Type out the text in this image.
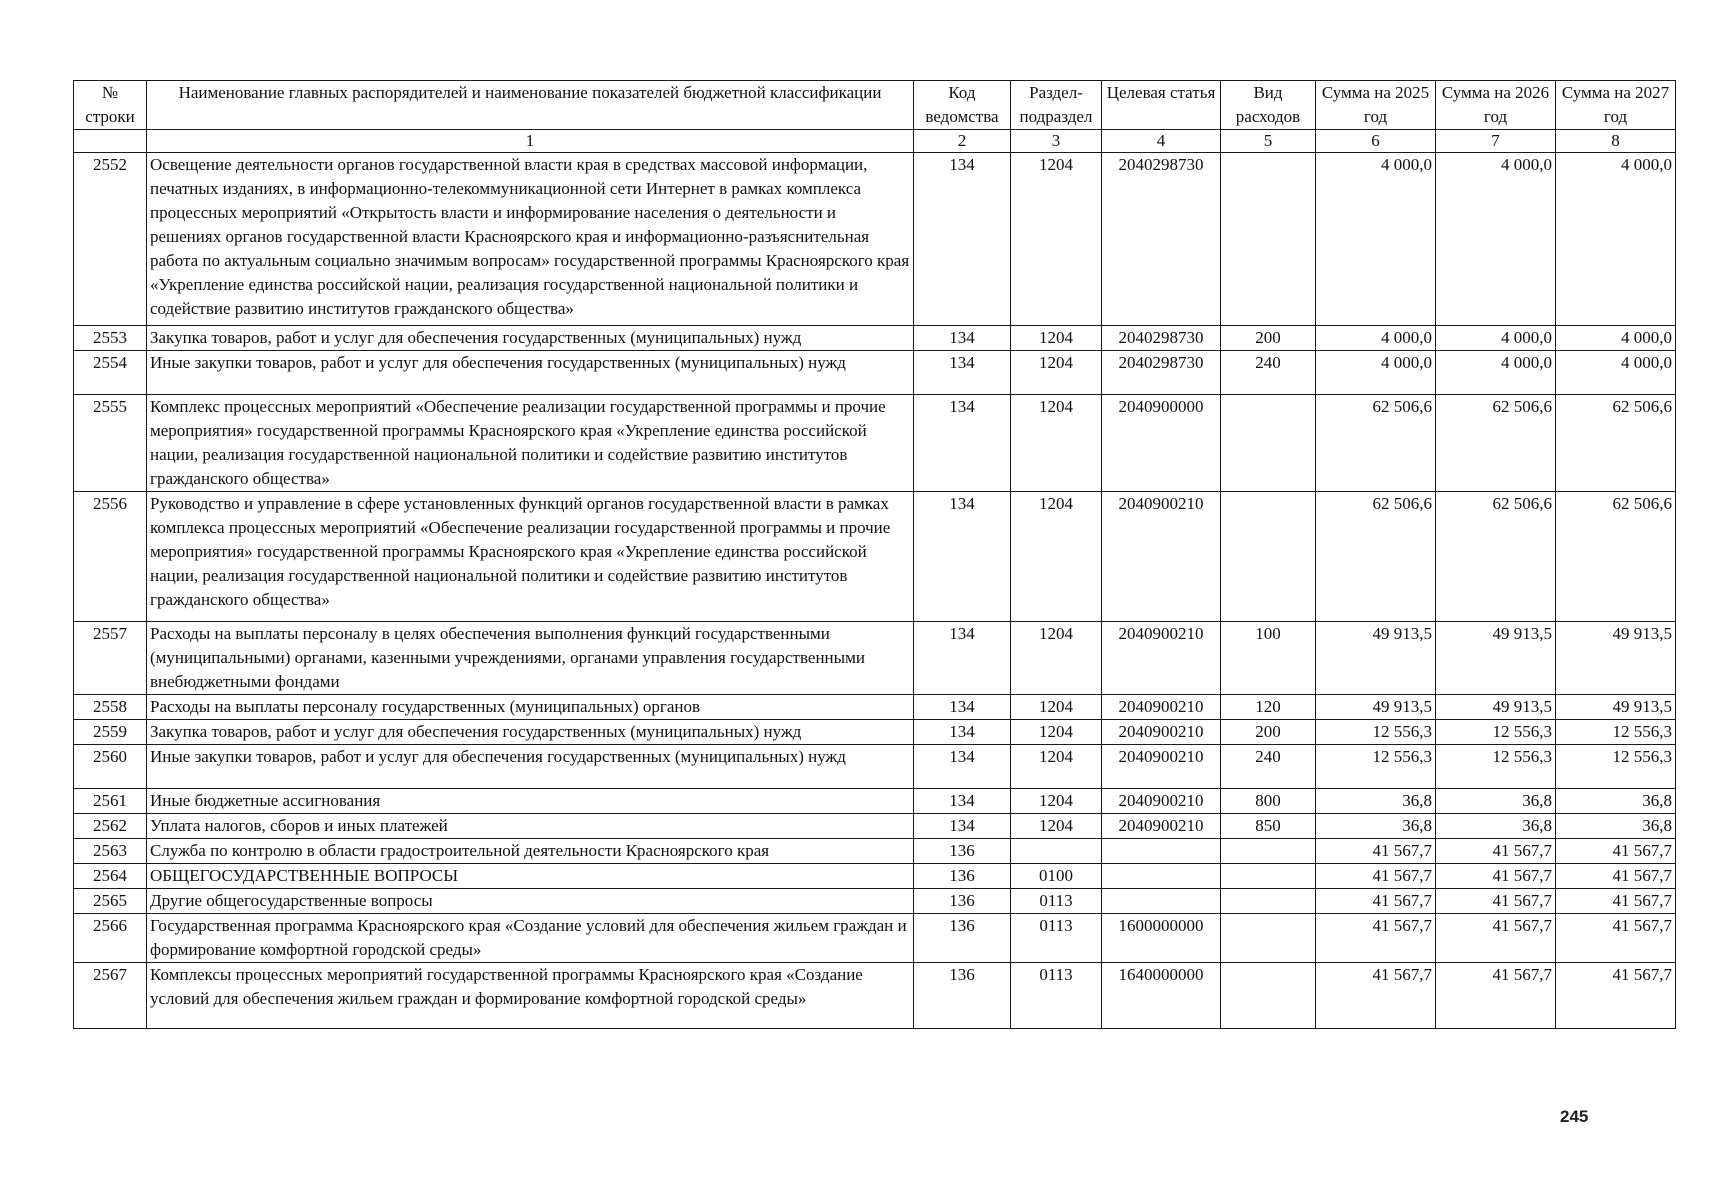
№ строки	Наименование главных распорядителей и наименование показателей бюджетной классификации	Код ведомства	Раздел-подраздел	Целевая статья	Вид расходов	Сумма на 2025 год	Сумма на 2026 год	Сумма на 2027 год
	1	2	3	4	5	6	7	8
2552	Освещение деятельности органов государственной власти края в средствах массовой информации, печатных изданиях, в информационно-телекоммуникационной сети Интернет в рамках комплекса процессных мероприятий «Открытость власти и информирование населения о деятельности и решениях органов государственной власти Красноярского края и информационно-разъяснительная работа по актуальным социально значимым вопросам» государственной программы Красноярского края «Укрепление единства российской нации, реализация государственной национальной политики и содействие развитию институтов гражданского общества»	134	1204	2040298730		4 000,0	4 000,0	4 000,0
2553	Закупка товаров, работ и услуг для обеспечения государственных (муниципальных) нужд	134	1204	2040298730	200	4 000,0	4 000,0	4 000,0
2554	Иные закупки товаров, работ и услуг для обеспечения государственных (муниципальных) нужд	134	1204	2040298730	240	4 000,0	4 000,0	4 000,0
2555	Комплекс процессных мероприятий «Обеспечение реализации государственной программы и прочие мероприятия» государственной программы Красноярского края «Укрепление единства российской нации, реализация государственной национальной политики и содействие развитию институтов гражданского общества»	134	1204	2040900000		62 506,6	62 506,6	62 506,6
2556	Руководство и управление в сфере установленных функций органов государственной власти в рамках комплекса процессных мероприятий «Обеспечение реализации государственной программы и прочие мероприятия» государственной программы Красноярского края «Укрепление единства российской нации, реализация государственной национальной политики и содействие развитию институтов гражданского общества»	134	1204	2040900210		62 506,6	62 506,6	62 506,6
2557	Расходы на выплаты персоналу в целях обеспечения выполнения функций государственными (муниципальными) органами, казенными учреждениями, органами управления государственными внебюджетными фондами	134	1204	2040900210	100	49 913,5	49 913,5	49 913,5
2558	Расходы на выплаты персоналу государственных (муниципальных) органов	134	1204	2040900210	120	49 913,5	49 913,5	49 913,5
2559	Закупка товаров, работ и услуг для обеспечения государственных (муниципальных) нужд	134	1204	2040900210	200	12 556,3	12 556,3	12 556,3
2560	Иные закупки товаров, работ и услуг для обеспечения государственных (муниципальных) нужд	134	1204	2040900210	240	12 556,3	12 556,3	12 556,3
2561	Иные бюджетные ассигнования	134	1204	2040900210	800	36,8	36,8	36,8
2562	Уплата налогов, сборов и иных платежей	134	1204	2040900210	850	36,8	36,8	36,8
2563	Служба по контролю в области градостроительной деятельности Красноярского края	136				41 567,7	41 567,7	41 567,7
2564	ОБЩЕГОСУДАРСТВЕННЫЕ ВОПРОСЫ	136	0100			41 567,7	41 567,7	41 567,7
2565	Другие общегосударственные вопросы	136	0113			41 567,7	41 567,7	41 567,7
2566	Государственная программа Красноярского края «Создание условий для обеспечения жильем граждан и формирование комфортной городской среды»	136	0113	1600000000		41 567,7	41 567,7	41 567,7
2567	Комплексы процессных мероприятий государственной программы Красноярского края «Создание условий для обеспечения жильем граждан и формирование комфортной городской среды»	136	0113	1640000000		41 567,7	41 567,7	41 567,7
245
